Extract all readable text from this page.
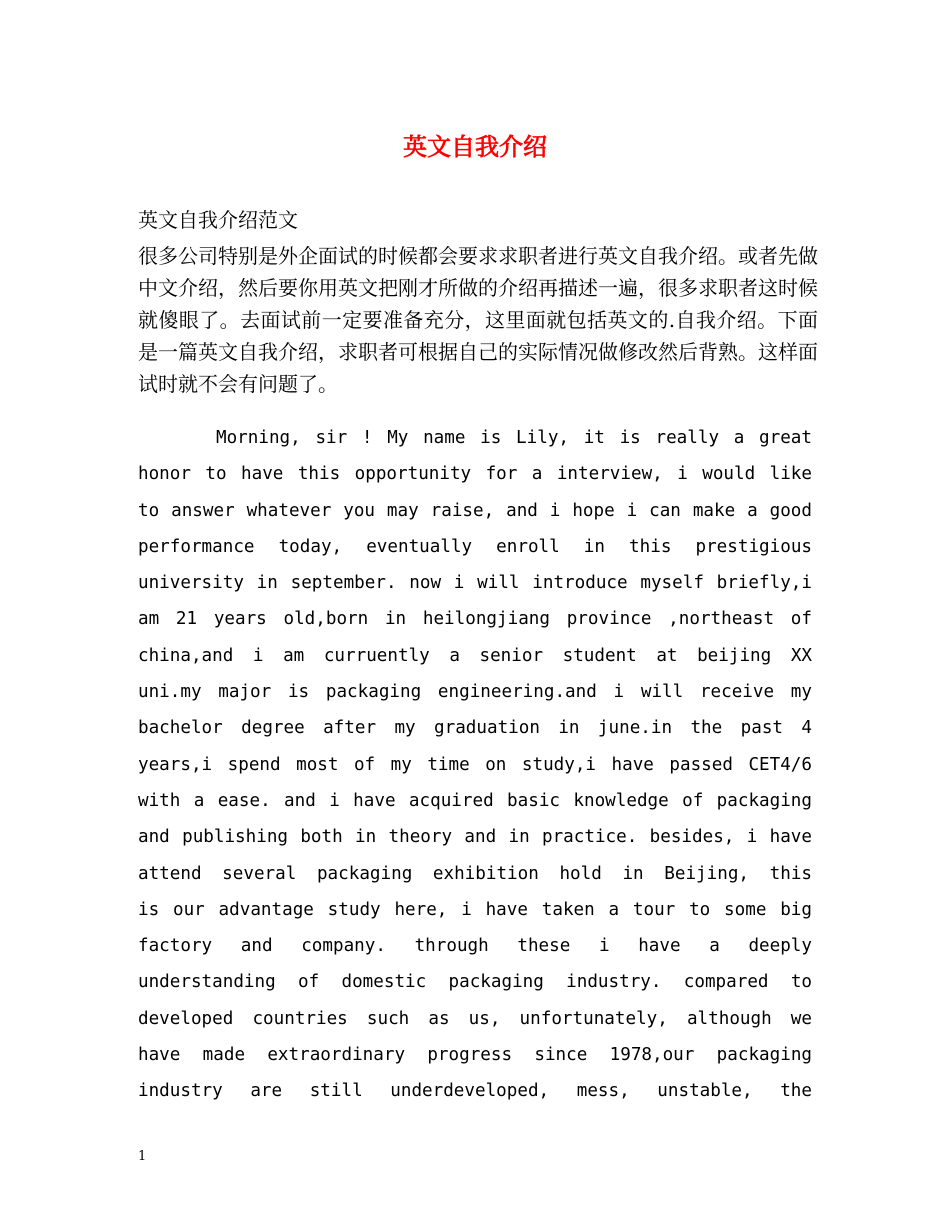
英文自我介绍

英文自我介绍范文

很多公司特别是外企面试的时候都会要求求职者进行英文自我介绍。或者先做中文介绍，然后要你用英文把刚才所做的介绍再描述一遍，很多求职者这时候就傻眼了。去面试前一定要准备充分，这里面就包括英文的.自我介绍。下面是一篇英文自我介绍，求职者可根据自己的实际情况做修改然后背熟。这样面试时就不会有问题了。

Morning, sir ! My name is Lily, it is really a great
honor to have this opportunity for a interview, i would like
to answer whatever you may raise, and i hope i can make a good
performance today, eventually enroll in this prestigious
university in september. now i will introduce myself briefly,i
am 21 years old,born in heilongjiang province ,northeast of
china,and i am curruently a senior student at beijing XX
uni.my major is packaging engineering.and i will receive my
bachelor degree after my graduation in june.in the past 4
years,i spend most of my time on study,i have passed CET4/6
with a ease. and i have acquired basic knowledge of packaging
and publishing both in theory and in practice. besides, i have
attend several packaging exhibition hold in Beijing, this
is our advantage study here, i have taken a tour to some big
factory and company. through these i have a deeply
understanding of domestic packaging industry. compared to
developed countries such as us, unfortunately, although we
have made extraordinary progress since 1978,our packaging
industry are still underdeveloped, mess, unstable, the
1
